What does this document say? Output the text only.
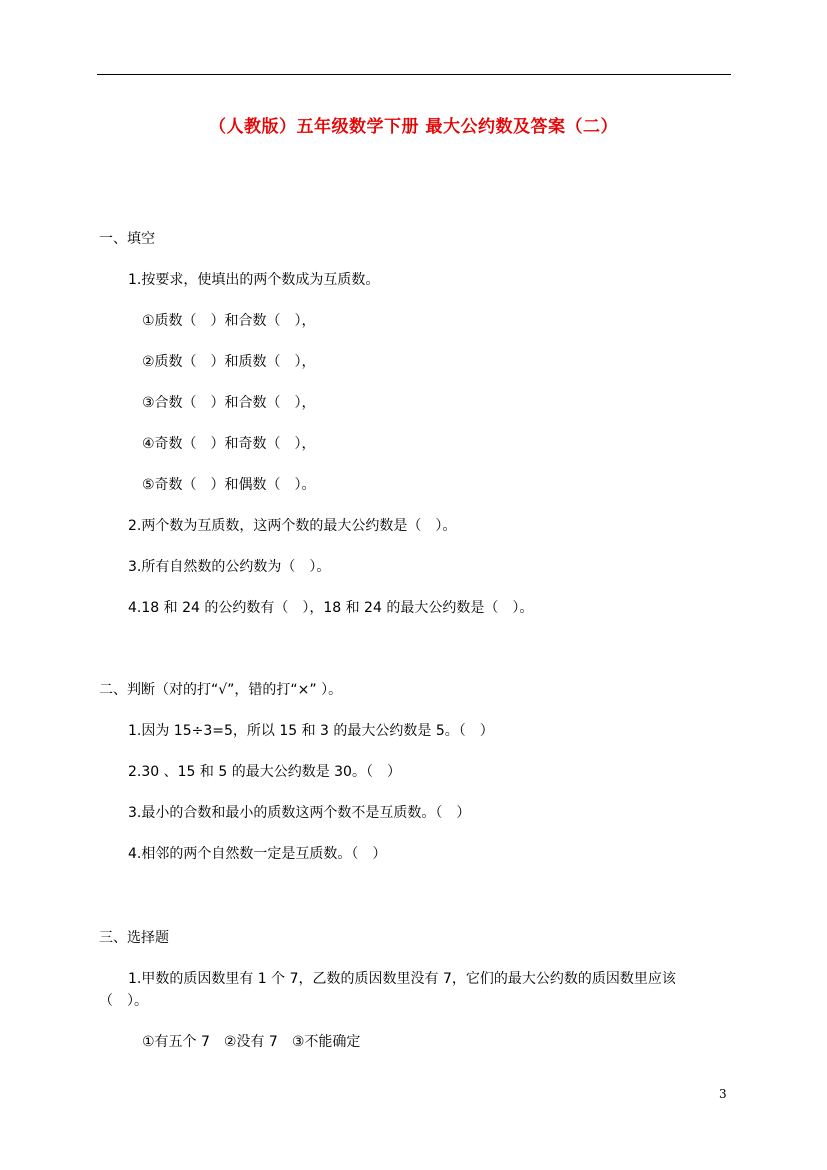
（人教版）五年级数学下册 最大公约数及答案（二）
一、填空
1.按要求，使填出的两个数成为互质数。
①质数（　）和合数（　），
②质数（　）和质数（　），
③合数（　）和合数（　），
④奇数（　）和奇数（　），
⑤奇数（　）和偶数（　）。
2.两个数为互质数，这两个数的最大公约数是（　）。
3.所有自然数的公约数为（　）。
4.18 和 24 的公约数有（　），18 和 24 的最大公约数是（　）。
二、判断（对的打“√”，错的打“×” ）。
1.因为 15÷3=5，所以 15 和 3 的最大公约数是 5。（　）
2.30 、15 和 5 的最大公约数是 30。（　）
3.最小的合数和最小的质数这两个数不是互质数。（　）
4.相邻的两个自然数一定是互质数。（　）
三、选择题
1.甲数的质因数里有 1 个 7，乙数的质因数里没有 7，它们的最大公约数的质因数里应该
（　）。
①有五个 7　②没有 7　③不能确定
3
